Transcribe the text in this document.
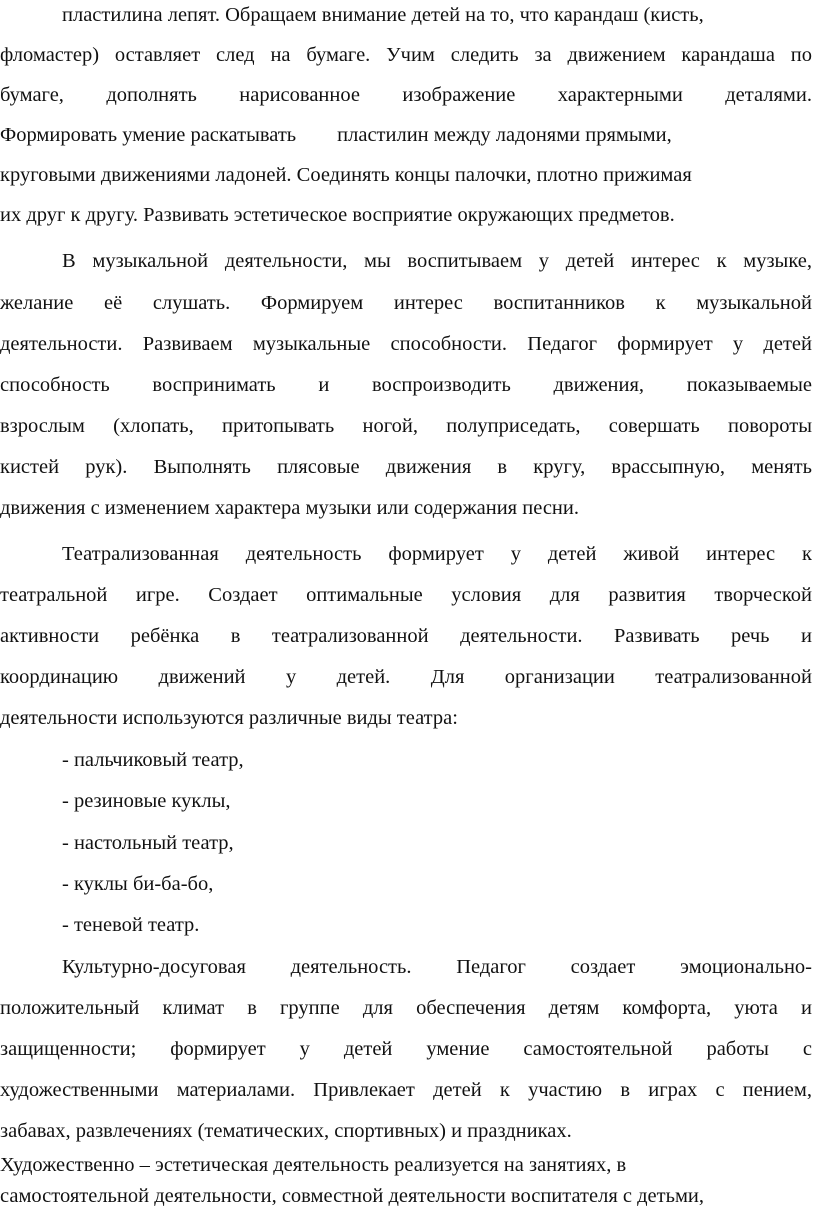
пластилина лепят. Обращаем внимание детей на то, что карандаш (кисть,
фломастер) оставляет след на бумаге. Учим следить за движением карандаша по
бумаге, дополнять нарисованное изображение характерными деталями.
Формировать умение раскатывать  пластилин между ладонями прямыми,
круговыми движениями ладоней. Соединять концы палочки, плотно прижимая
их друг к другу. Развивать эстетическое восприятие окружающих предметов.
В музыкальной деятельности, мы воспитываем у детей интерес к музыке,
желание её слушать. Формируем интерес воспитанников к музыкальной
деятельности. Развиваем музыкальные способности. Педагог формирует у детей
способность воспринимать и воспроизводить движения, показываемые
взрослым (хлопать, притопывать ногой, полуприседать, совершать повороты
кистей рук). Выполнять плясовые движения в кругу, врассыпную, менять
движения с изменением характера музыки или содержания песни.
Театрализованная деятельность формирует у детей живой интерес к
театральной игре. Создает оптимальные условия для развития творческой
активности ребёнка в театрализованной деятельности. Развивать речь и
координацию движений у детей. Для организации театрализованной
деятельности используются различные виды театра:
- пальчиковый театр,
- резиновые куклы,
- настольный театр,
- куклы би-ба-бо,
- теневой театр.
Культурно-досуговая деятельность. Педагог создает эмоционально-
положительный климат в группе для обеспечения детям комфорта, уюта и
защищенности; формирует у детей умение самостоятельной работы с
художественными материалами. Привлекает детей к участию в играх с пением,
забавах, развлечениях (тематических, спортивных) и праздниках.
Художественно – эстетическая деятельность реализуется на занятиях, в
самостоятельной деятельности, совместной деятельности воспитателя с детьми,
